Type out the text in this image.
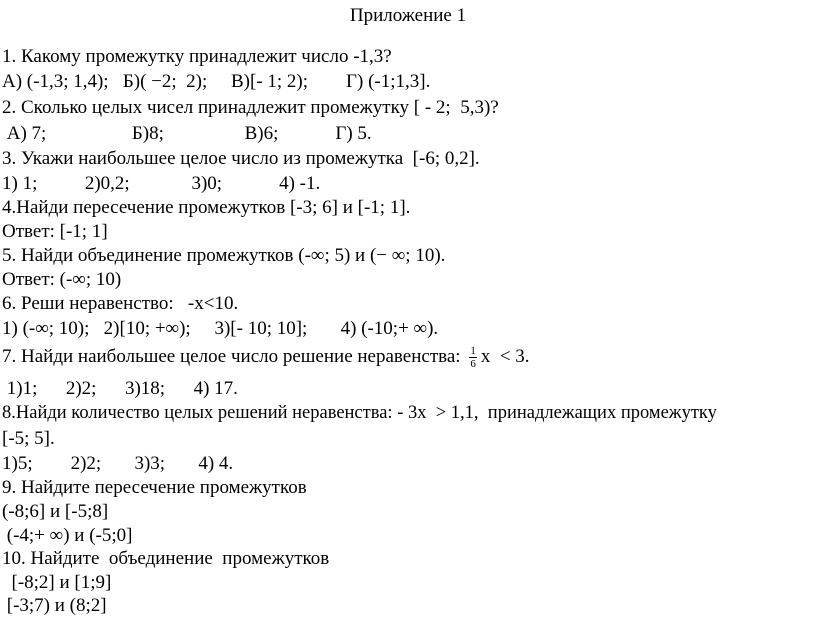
Приложение 1
1. Какому промежутку принадлежит число -1,3?
А) (-1,3; 1,4);   Б)( −2;  2);     В)[- 1; 2);        Г) (-1;1,3].
2. Сколько целых чисел принадлежит промежутку [ - 2;  5,3)?
А) 7;                  Б)8;                 В)6;            Г) 5.
3. Укажи наибольшее целое число из промежутка  [-6; 0,2].
1) 1;          2)0,2;             3)0;            4) -1.
4.Найди пересечение промежутков [-3; 6] и [-1; 1].
Ответ: [-1; 1]
5. Найди объединение промежутков (-∞; 5) и (− ∞; 10).
Ответ: (-∞; 10)
6. Реши неравенство:   -х<10.
1) (-∞; 10);   2)[10; +∞);     3)[- 10; 10];       4) (-10;+ ∞).
7. Найди наибольшее целое число решение неравенства: $\frac{1}{6}$ x  < 3.
1)1;      2)2;      3)18;      4) 17.
8.Найди количество целых решений неравенства: - 3х  > 1,1,  принадлежащих промежутку
[-5; 5].
1)5;        2)2;       3)3;       4) 4.
9. Найдите пересечение промежутков
(-8;6] и [-5;8]
(-4;+ ∞) и (-5;0]
10. Найдите  объединение  промежутков
[-8;2] и [1;9]
[-3;7) и (8;2]
